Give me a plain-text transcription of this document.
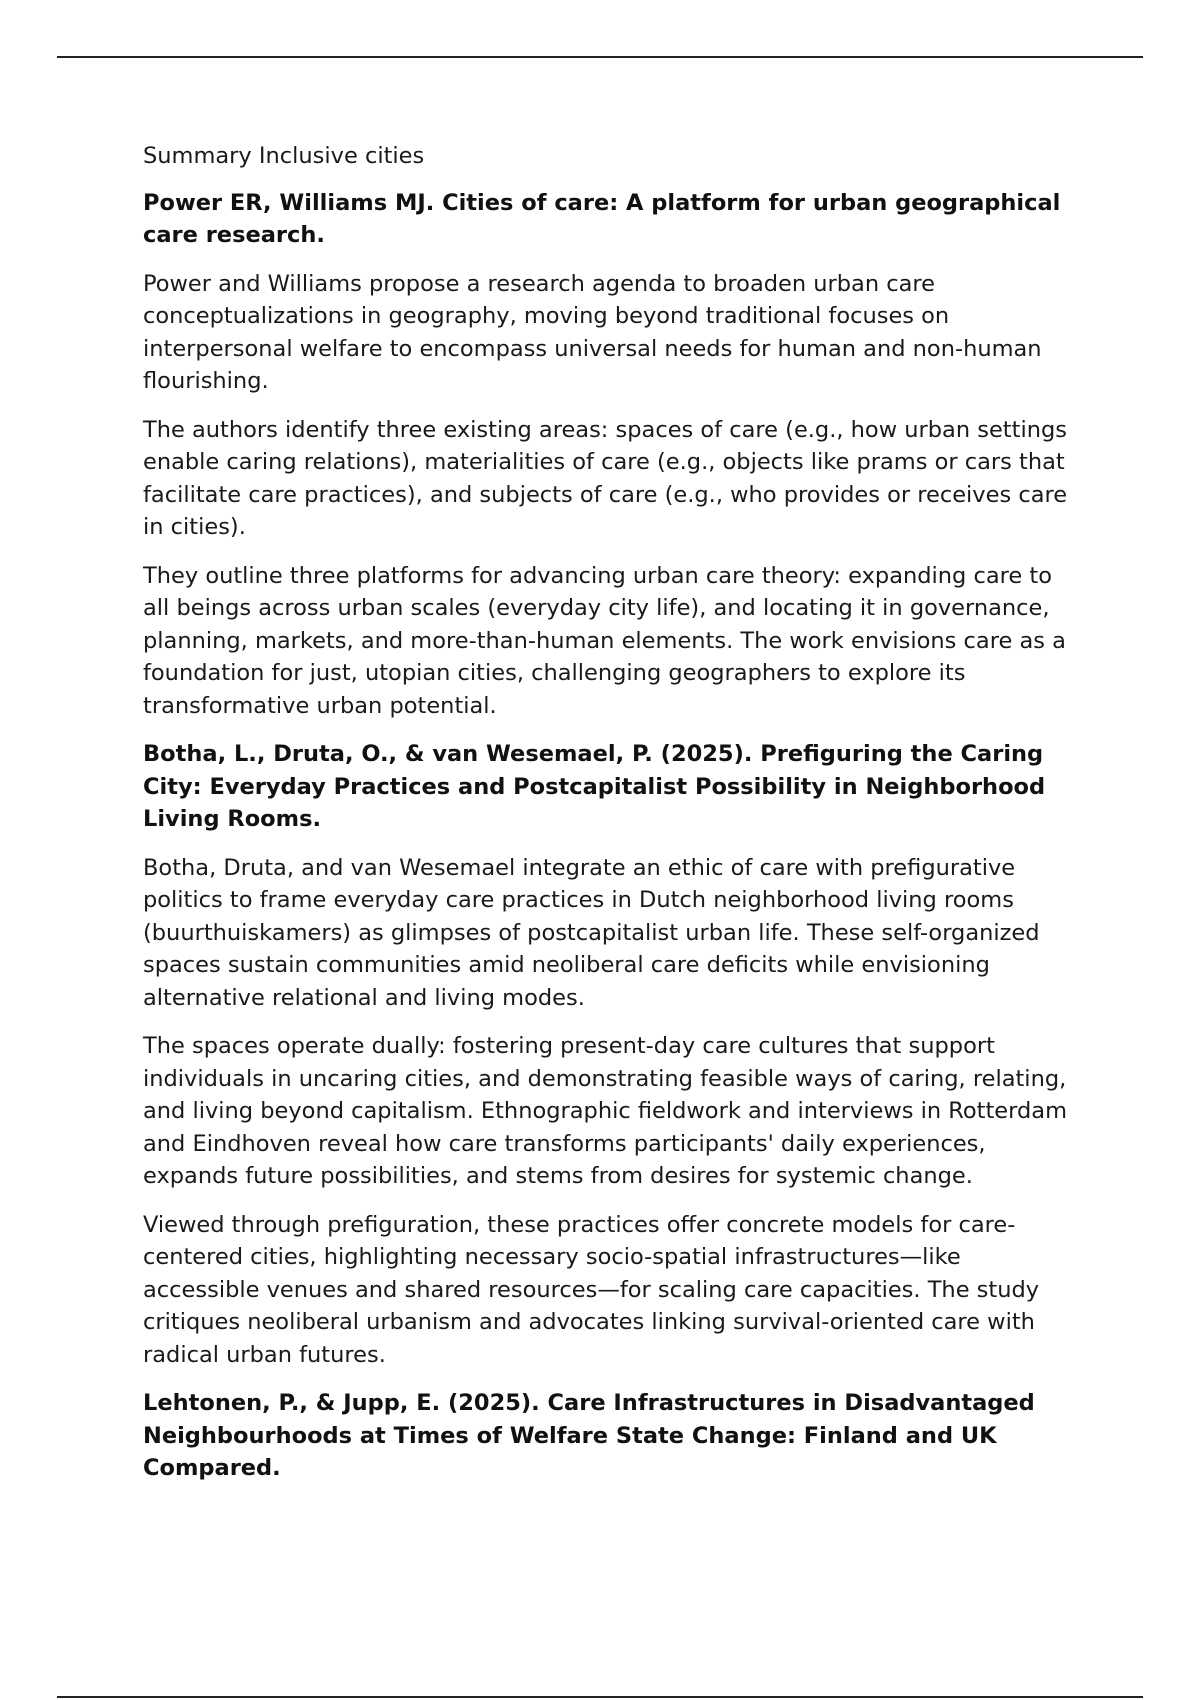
Summary Inclusive cities

Power ER, Williams MJ. Cities of care: A platform for urban geographical care research.

Power and Williams propose a research agenda to broaden urban care conceptualizations in geography, moving beyond traditional focuses on interpersonal welfare to encompass universal needs for human and non-human flourishing.

The authors identify three existing areas: spaces of care (e.g., how urban settings enable caring relations), materialities of care (e.g., objects like prams or cars that facilitate care practices), and subjects of care (e.g., who provides or receives care in cities).

They outline three platforms for advancing urban care theory: expanding care to all beings across urban scales (everyday city life), and locating it in governance, planning, markets, and more-than-human elements. The work envisions care as a foundation for just, utopian cities, challenging geographers to explore its transformative urban potential.

Botha, L., Druta, O., & van Wesemael, P. (2025). Prefiguring the Caring City: Everyday Practices and Postcapitalist Possibility in Neighborhood Living Rooms.

Botha, Druta, and van Wesemael integrate an ethic of care with prefigurative politics to frame everyday care practices in Dutch neighborhood living rooms (buurthuiskamers) as glimpses of postcapitalist urban life. These self-organized spaces sustain communities amid neoliberal care deficits while envisioning alternative relational and living modes.

The spaces operate dually: fostering present-day care cultures that support individuals in uncaring cities, and demonstrating feasible ways of caring, relating, and living beyond capitalism. Ethnographic fieldwork and interviews in Rotterdam and Eindhoven reveal how care transforms participants' daily experiences, expands future possibilities, and stems from desires for systemic change.

Viewed through prefiguration, these practices offer concrete models for care-centered cities, highlighting necessary socio-spatial infrastructures—like accessible venues and shared resources—for scaling care capacities. The study critiques neoliberal urbanism and advocates linking survival-oriented care with radical urban futures.

Lehtonen, P., & Jupp, E. (2025). Care Infrastructures in Disadvantaged Neighbourhoods at Times of Welfare State Change: Finland and UK Compared.
